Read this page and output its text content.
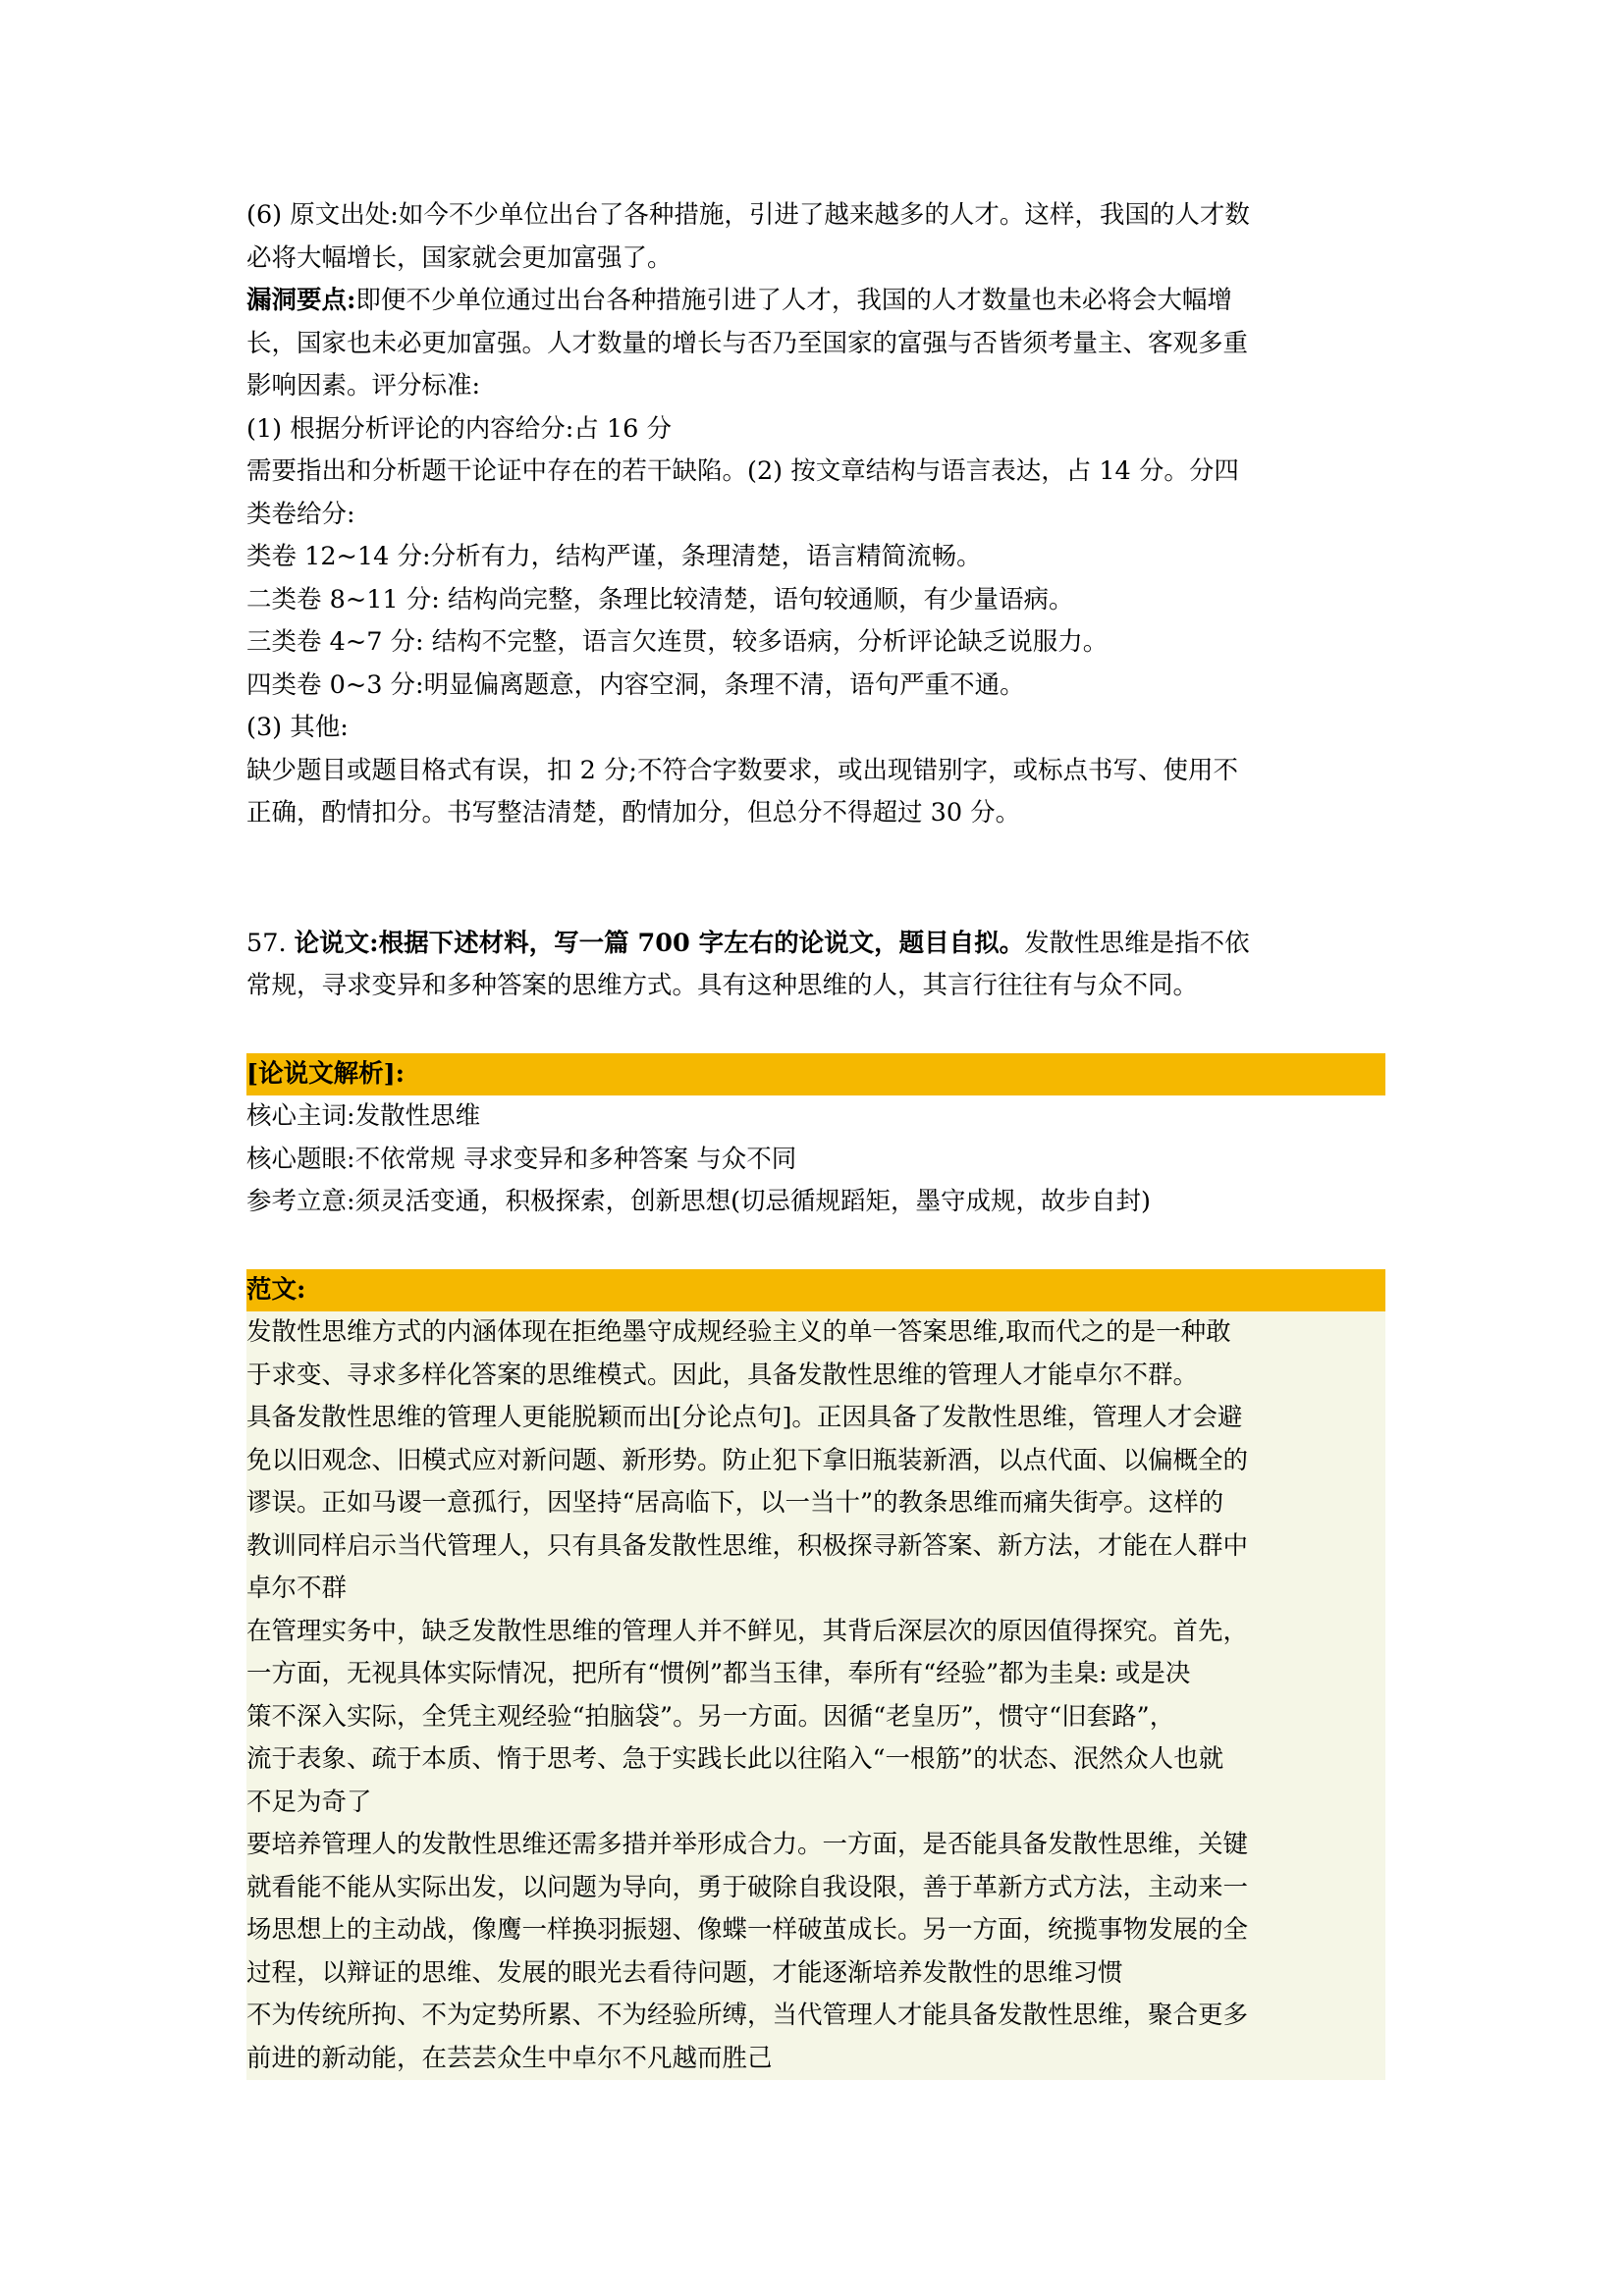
(6) 原文出处:如今不少单位出台了各种措施，引进了越来越多的人才。这样，我国的人才数
必将大幅增长，国家就会更加富强了。
漏洞要点:即便不少单位通过出台各种措施引进了人才，我国的人才数量也未必将会大幅增
长，国家也未必更加富强。人才数量的增长与否乃至国家的富强与否皆须考量主、客观多重
影响因素。评分标准:
(1) 根据分析评论的内容给分:占 16 分
需要指出和分析题干论证中存在的若干缺陷。(2) 按文章结构与语言表达，占 14 分。分四
类卷给分:
类卷 12~14 分:分析有力，结构严谨，条理清楚，语言精简流畅。
二类卷 8~11 分: 结构尚完整，条理比较清楚，语句较通顺，有少量语病。
三类卷 4~7 分: 结构不完整，语言欠连贯，较多语病，分析评论缺乏说服力。
四类卷 0~3 分:明显偏离题意，内容空洞，条理不清，语句严重不通。
(3) 其他:
缺少题目或题目格式有误，扣 2 分;不符合字数要求，或出现错别字，或标点书写、使用不
正确，酌情扣分。书写整洁清楚，酌情加分，但总分不得超过 30 分。
57. 论说文:根据下述材料，写一篇 700 字左右的论说文，题目自拟。发散性思维是指不依
常规，寻求变异和多种答案的思维方式。具有这种思维的人，其言行往往有与众不同。
[论说文解析]:
核心主词:发散性思维
核心题眼:不依常规 寻求变异和多种答案 与众不同
参考立意:须灵活变通，积极探索，创新思想(切忌循规蹈矩，墨守成规，故步自封)
范文:
发散性思维方式的内涵体现在拒绝墨守成规经验主义的单一答案思维,取而代之的是一种敢
于求变、寻求多样化答案的思维模式。因此，具备发散性思维的管理人才能卓尔不群。
具备发散性思维的管理人更能脱颖而出[分论点句]。正因具备了发散性思维，管理人才会避
免以旧观念、旧模式应对新问题、新形势。防止犯下拿旧瓶装新酒，以点代面、以偏概全的
谬误。正如马谡一意孤行，因坚持“居高临下，以一当十”的教条思维而痛失街亭。这样的
教训同样启示当代管理人，只有具备发散性思维，积极探寻新答案、新方法，才能在人群中
卓尔不群
在管理实务中，缺乏发散性思维的管理人并不鲜见，其背后深层次的原因值得探究。首先，
一方面，无视具体实际情况，把所有“惯例”都当玉律，奉所有“经验”都为圭臬: 或是决
策不深入实际，全凭主观经验“拍脑袋”。另一方面。因循“老皇历”，惯守“旧套路”，
流于表象、疏于本质、惰于思考、急于实践长此以往陷入“一根筋”的状态、泯然众人也就
不足为奇了
要培养管理人的发散性思维还需多措并举形成合力。一方面，是否能具备发散性思维，关键
就看能不能从实际出发，以问题为导向，勇于破除自我设限，善于革新方式方法，主动来一
场思想上的主动战，像鹰一样换羽振翅、像蝶一样破茧成长。另一方面，统揽事物发展的全
过程，以辩证的思维、发展的眼光去看待问题，才能逐渐培养发散性的思维习惯
不为传统所拘、不为定势所累、不为经验所缚，当代管理人才能具备发散性思维，聚合更多
前进的新动能，在芸芸众生中卓尔不凡越而胜己
